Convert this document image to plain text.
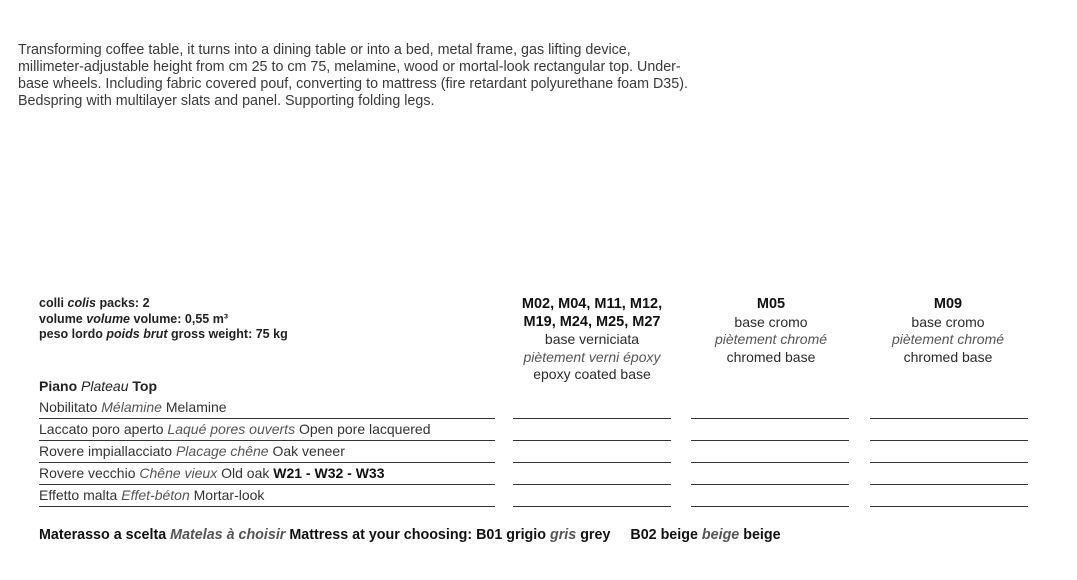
Transforming coffee table, it turns into a dining table or into a bed, metal frame, gas lifting device,

millimeter-adjustable height from cm 25 to cm 75, melamine, wood or mortal-look rectangular top. Under-

base wheels. Including fabric covered pouf, converting to mattress (fire retardant polyurethane foam D35).

Bedspring with multilayer slats and panel. Supporting folding legs.

colli colis packs: 2
volume volume volume: 0,55 m³
peso lordo poids brut gross weight: 75 kg
M02, M04, M11, M12,
M19, M24, M25, M27
base verniciata
piètement verni époxy
epoxy coated base
M05
base cromo
piètement chromé
chromed base
M09
base cromo
piètement chromé
chromed base
Piano Plateau Top
Nobilitato Mélamine Melamine
Laccato poro aperto Laqué pores ouverts Open pore lacquered
Rovere impiallacciato Placage chêne Oak veneer
Rovere vecchio Chêne vieux Old oak W21 - W32 - W33
Effetto malta Effet-béton Mortar-look
Materasso a scelta Matelas à choisir Mattress at your choosing: B01 grigio gris grey B02 beige beige beige
